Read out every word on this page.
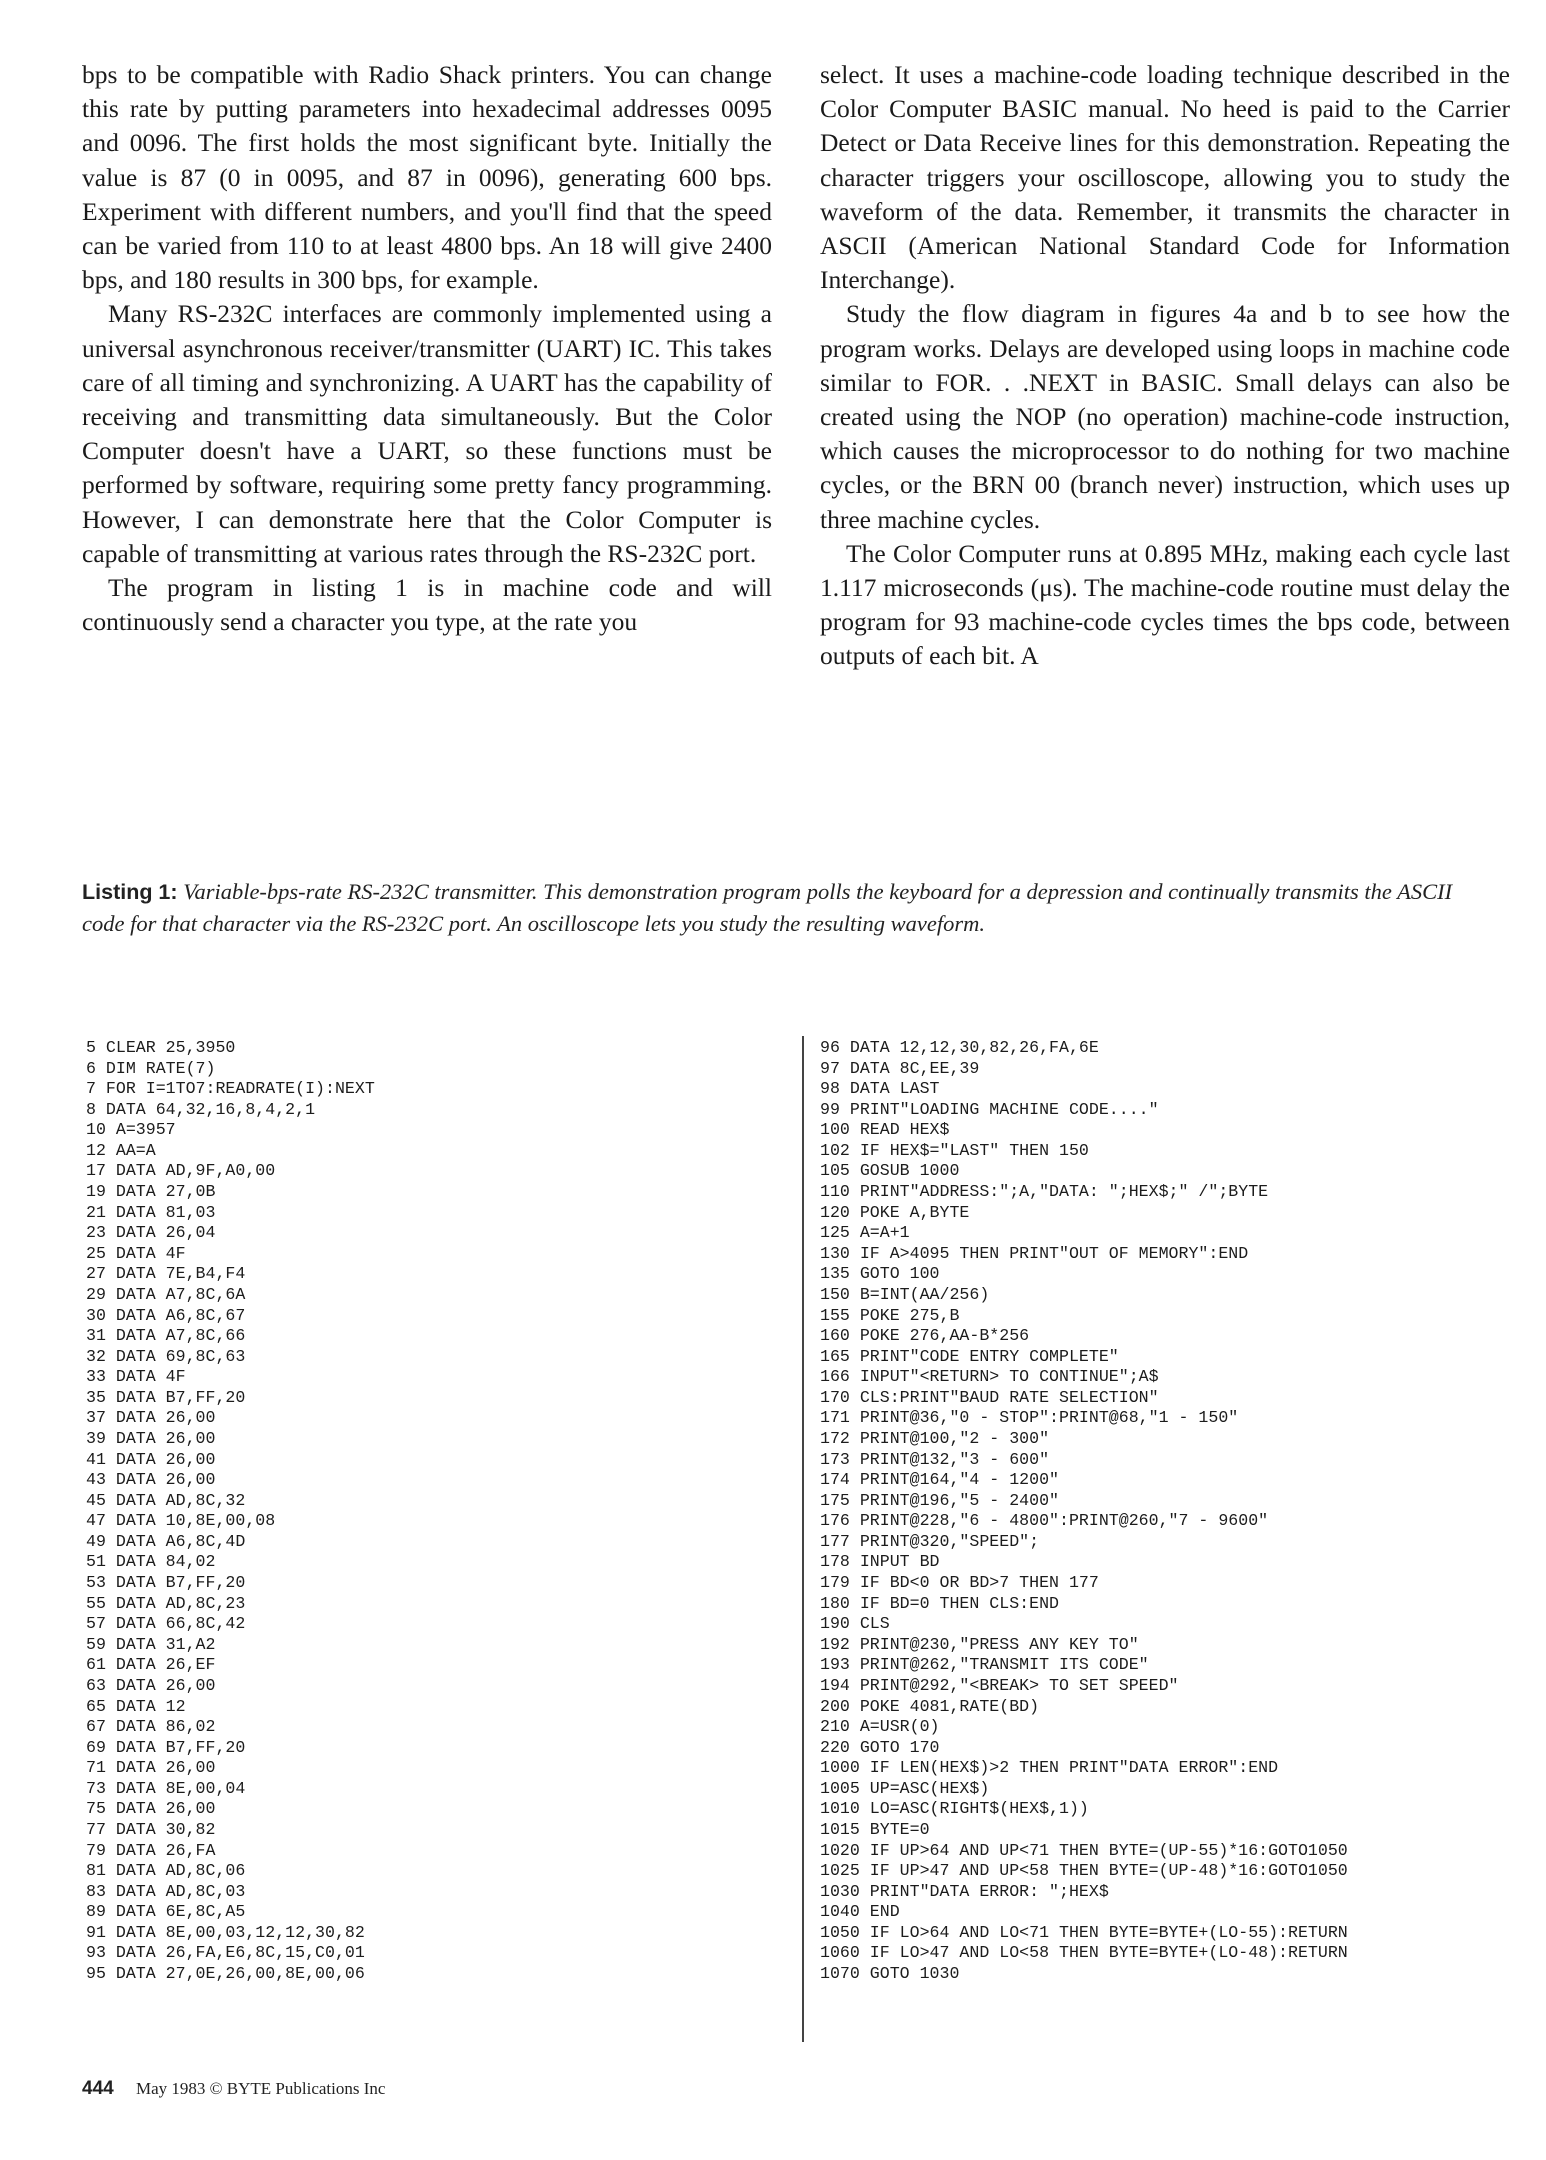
bps to be compatible with Radio Shack printers. You can change this rate by putting parameters into hexadecimal addresses 0095 and 0096. The first holds the most significant byte. Initially the value is 87 (0 in 0095, and 87 in 0096), generating 600 bps. Experiment with different numbers, and you'll find that the speed can be varied from 110 to at least 4800 bps. An 18 will give 2400 bps, and 180 results in 300 bps, for example.

Many RS-232C interfaces are commonly implemented using a universal asynchronous receiver/transmitter (UART) IC. This takes care of all timing and synchronizing. A UART has the capability of receiving and transmitting data simultaneously. But the Color Computer doesn't have a UART, so these functions must be performed by software, requiring some pretty fancy programming. However, I can demonstrate here that the Color Computer is capable of transmitting at various rates through the RS-232C port.

The program in listing 1 is in machine code and will continuously send a character you type, at the rate you

select. It uses a machine-code loading technique described in the Color Computer BASIC manual. No heed is paid to the Carrier Detect or Data Receive lines for this demonstration. Repeating the character triggers your oscilloscope, allowing you to study the waveform of the data. Remember, it transmits the character in ASCII (American National Standard Code for Information Interchange).

Study the flow diagram in figures 4a and b to see how the program works. Delays are developed using loops in machine code similar to FOR. . .NEXT in BASIC. Small delays can also be created using the NOP (no operation) machine-code instruction, which causes the microprocessor to do nothing for two machine cycles, or the BRN 00 (branch never) instruction, which uses up three machine cycles.

The Color Computer runs at 0.895 MHz, making each cycle last 1.117 microseconds (μs). The machine-code routine must delay the program for 93 machine-code cycles times the bps code, between outputs of each bit. A

Listing 1: Variable-bps-rate RS-232C transmitter. This demonstration program polls the keyboard for a depression and continually transmits the ASCII code for that character via the RS-232C port. An oscilloscope lets you study the resulting waveform.
5 CLEAR 25,3950
6 DIM RATE(7)
7 FOR I=1TO7:READRATE(I):NEXT
8 DATA 64,32,16,8,4,2,1
10 A=3957
12 AA=A
17 DATA AD,9F,A0,00
19 DATA 27,0B
21 DATA 81,03
23 DATA 26,04
25 DATA 4F
27 DATA 7E,B4,F4
29 DATA A7,8C,6A
30 DATA A6,8C,67
31 DATA A7,8C,66
32 DATA 69,8C,63
33 DATA 4F
35 DATA B7,FF,20
37 DATA 26,00
39 DATA 26,00
41 DATA 26,00
43 DATA 26,00
45 DATA AD,8C,32
47 DATA 10,8E,00,08
49 DATA A6,8C,4D
51 DATA 84,02
53 DATA B7,FF,20
55 DATA AD,8C,23
57 DATA 66,8C,42
59 DATA 31,A2
61 DATA 26,EF
63 DATA 26,00
65 DATA 12
67 DATA 86,02
69 DATA B7,FF,20
71 DATA 26,00
73 DATA 8E,00,04
75 DATA 26,00
77 DATA 30,82
79 DATA 26,FA
81 DATA AD,8C,06
83 DATA AD,8C,03
89 DATA 6E,8C,A5
91 DATA 8E,00,03,12,12,30,82
93 DATA 26,FA,E6,8C,15,C0,01
95 DATA 27,0E,26,00,8E,00,06
96 DATA 12,12,30,82,26,FA,6E
97 DATA 8C,EE,39
98 DATA LAST
99 PRINT"LOADING MACHINE CODE...."
100 READ HEX$
102 IF HEX$="LAST" THEN 150
105 GOSUB 1000
110 PRINT"ADDRESS:";A,"DATA: ";HEX$;" /";BYTE
120 POKE A,BYTE
125 A=A+1
130 IF A>4095 THEN PRINT"OUT OF MEMORY":END
135 GOTO 100
150 B=INT(AA/256)
155 POKE 275,B
160 POKE 276,AA-B*256
165 PRINT"CODE ENTRY COMPLETE"
166 INPUT"<RETURN> TO CONTINUE";A$
170 CLS:PRINT"BAUD RATE SELECTION"
171 PRINT@36,"0 - STOP":PRINT@68,"1 - 150"
172 PRINT@100,"2 - 300"
173 PRINT@132,"3 - 600"
174 PRINT@164,"4 - 1200"
175 PRINT@196,"5 - 2400"
176 PRINT@228,"6 - 4800":PRINT@260,"7 - 9600"
177 PRINT@320,"SPEED";
178 INPUT BD
179 IF BD<0 OR BD>7 THEN 177
180 IF BD=0 THEN CLS:END
190 CLS
192 PRINT@230,"PRESS ANY KEY TO"
193 PRINT@262,"TRANSMIT ITS CODE"
194 PRINT@292,"<BREAK> TO SET SPEED"
200 POKE 4081,RATE(BD)
210 A=USR(0)
220 GOTO 170
1000 IF LEN(HEX$)>2 THEN PRINT"DATA ERROR":END
1005 UP=ASC(HEX$)
1010 LO=ASC(RIGHT$(HEX$,1))
1015 BYTE=0
1020 IF UP>64 AND UP<71 THEN BYTE=(UP-55)*16:GOTO1050
1025 IF UP>47 AND UP<58 THEN BYTE=(UP-48)*16:GOTO1050
1030 PRINT"DATA ERROR: ";HEX$
1040 END
1050 IF LO>64 AND LO<71 THEN BYTE=BYTE+(LO-55):RETURN
1060 IF LO>47 AND LO<58 THEN BYTE=BYTE+(LO-48):RETURN
1070 GOTO 1030
444 May 1983 © BYTE Publications Inc
